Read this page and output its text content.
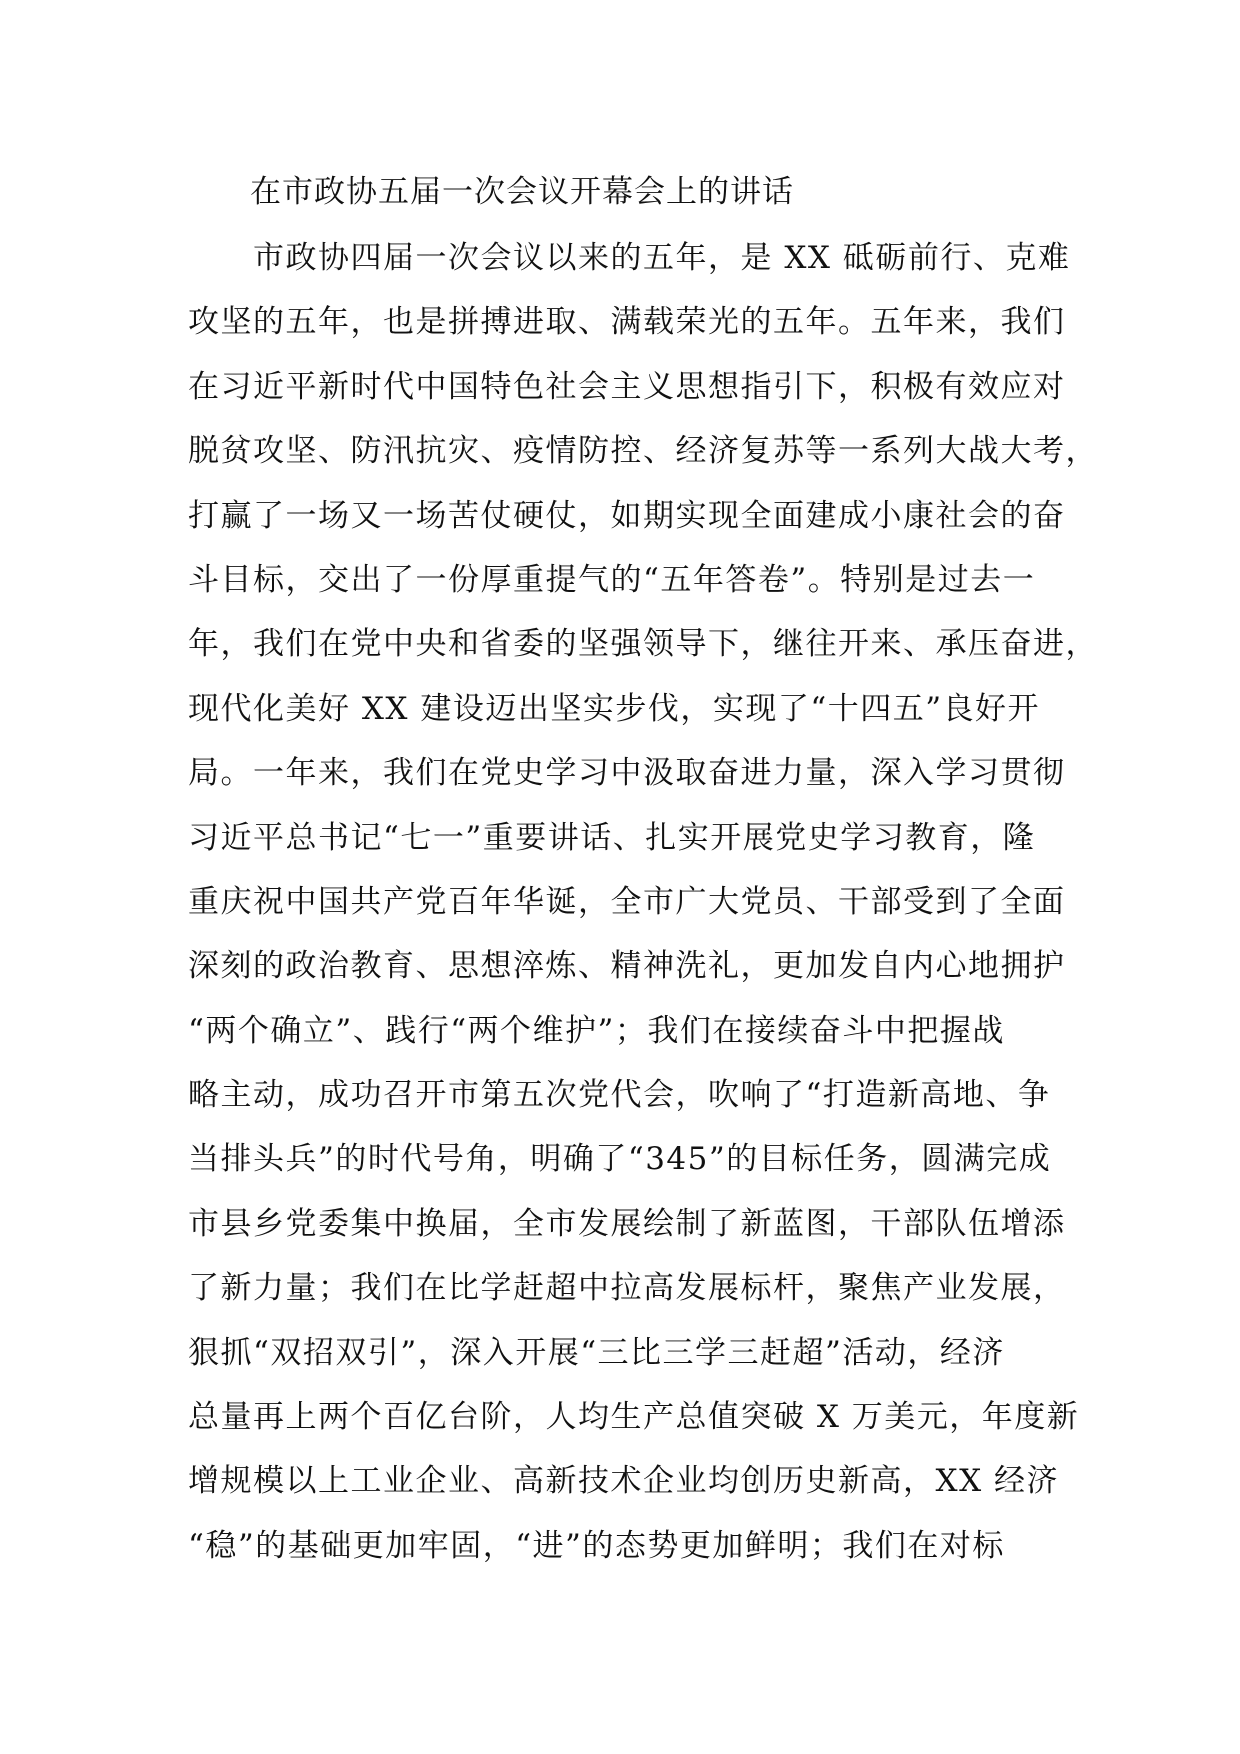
在市政协五届一次会议开幕会上的讲话
　　市政协四届一次会议以来的五年，是 XX 砥砺前行、克难
攻坚的五年，也是拼搏进取、满载荣光的五年。五年来，我们
在习近平新时代中国特色社会主义思想指引下，积极有效应对
脱贫攻坚、防汛抗灾、疫情防控、经济复苏等一系列大战大考，
打赢了一场又一场苦仗硬仗，如期实现全面建成小康社会的奋
斗目标，交出了一份厚重提气的“五年答卷”。特别是过去一
年，我们在党中央和省委的坚强领导下，继往开来、承压奋进，
现代化美好 XX 建设迈出坚实步伐，实现了“十四五”良好开
局。一年来，我们在党史学习中汲取奋进力量，深入学习贯彻
习近平总书记“七一”重要讲话、扎实开展党史学习教育，隆
重庆祝中国共产党百年华诞，全市广大党员、干部受到了全面
深刻的政治教育、思想淬炼、精神洗礼，更加发自内心地拥护
“两个确立”、践行“两个维护”；我们在接续奋斗中把握战
略主动，成功召开市第五次党代会，吹响了“打造新高地、争
当排头兵”的时代号角，明确了“345”的目标任务，圆满完成
市县乡党委集中换届，全市发展绘制了新蓝图，干部队伍增添
了新力量；我们在比学赶超中拉高发展标杆，聚焦产业发展，
狠抓“双招双引”，深入开展“三比三学三赶超”活动，经济
总量再上两个百亿台阶，人均生产总值突破 X 万美元，年度新
增规模以上工业企业、高新技术企业均创历史新高，XX 经济
“稳”的基础更加牢固，“进”的态势更加鲜明；我们在对标
